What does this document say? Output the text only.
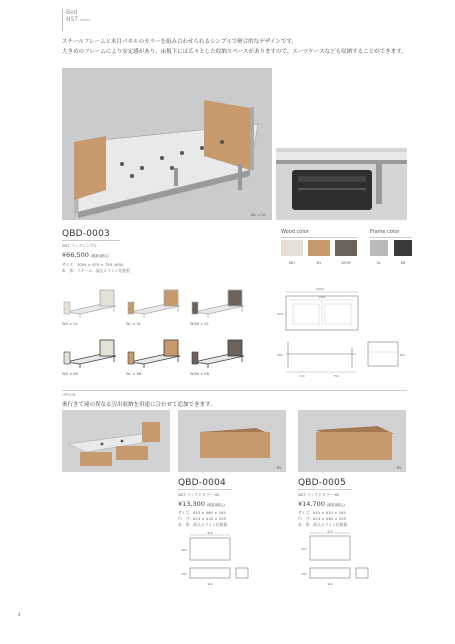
Bed
NST series
スチールフレームと木目パネルのカラーを組み合わせられるシンプルで軽合的なデザインです。
大きめのフレームにより安定感があり、床板下には広々とした収納スペースがありますので、スーツケースなども収納することができます。
WL × GL
QBD-0003
NST ベッドシングル
¥66,500 (税抜)(税込)
サイズ：2004 × 970 × 750 (400)
本　体：スチール、高圧メラミン化粧板
Wood color
WH	WL	WGM
Frame color
GL	KB
WH × GL	WL × GL	WGM × GL
WH × KB	WL × KB	WGM × KB
2004
1914
970
460
710	750
400
OPTION
奥行きで違の異なる引出収納を用途に合わせて追加できます。
WL	WL
QBD-0004
NST ベッドドロワー 45
¥13,300 (税抜)(税込)
サイズ：910 × 460 × 345
内　寸：874 × 432 × 255
本　体：高圧メラミン化粧板
QBD-0005
NST ベッドドロワー 60
¥14,700 (税抜)(税込)
サイズ：910 × 614 × 345
内　寸：874 × 582 × 255
本　体：高圧メラミン化粧板
870
460
910
345
874
614
910
345
4
